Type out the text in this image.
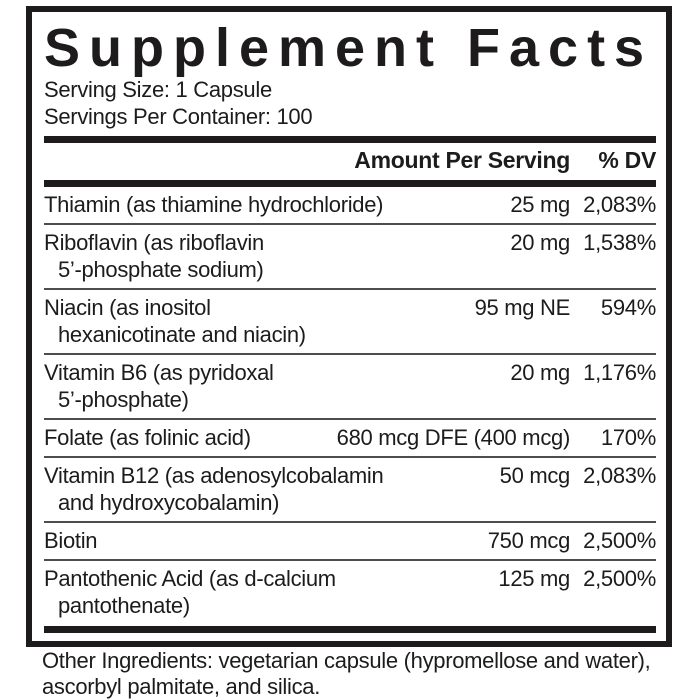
Supplement Facts
Serving Size: 1 Capsule
Servings Per Container: 100
Amount Per Serving	% DV
Thiamin (as thiamine hydrochloride)	25 mg 2,083%
Riboflavin (as riboflavin
5’-phosphate sodium)
20 mg 1,538%
Niacin (as inositol
hexanicotinate and niacin)
95 mg NE	594%
Vitamin B6 (as pyridoxal
5’-phosphate)
20 mg 1,176%
Folate (as folinic acid)	680 mcg DFE (400 mcg)	170%
Vitamin B12 (as adenosylcobalamin
and hydroxycobalamin)
50 mcg 2,083%
Biotin	750 mcg 2,500%
Pantothenic Acid (as d-calcium
pantothenate)
125 mg 2,500%
Other Ingredients: vegetarian capsule (hypromellose and water), ascorbyl palmitate, and silica.
